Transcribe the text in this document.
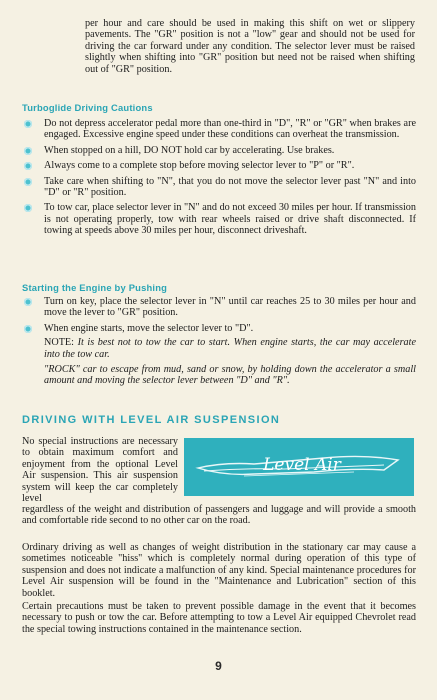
per hour and care should be used in making this shift on wet or slippery pavements. The "GR" position is not a "low" gear and should not be used for driving the car forward under any condition. The selector lever must be raised slightly when shifting into "GR" position but need not be raised when shifting out of "GR" position.

Turboglide Driving Cautions
Do not depress accelerator pedal more than one-third in "D", "R" or "GR" when brakes are engaged. Excessive engine speed under these conditions can overheat the transmission.
When stopped on a hill, DO NOT hold car by accelerating. Use brakes.
Always come to a complete stop before moving selector lever to "P" or "R".
Take care when shifting to "N", that you do not move the selector lever past "N" and into "D" or "R" position.
To tow car, place selector lever in "N" and do not exceed 30 miles per hour. If transmission is not operating properly, tow with rear wheels raised or drive shaft disconnected. If towing at speeds above 30 miles per hour, disconnect driveshaft.
Starting the Engine by Pushing
Turn on key, place the selector lever in "N" until car reaches 25 to 30 miles per hour and move the lever to "GR" position.
When engine starts, move the selector lever to "D".

NOTE: It is best not to tow the car to start. When engine starts, the car may accelerate into the tow car.

"ROCK" car to escape from mud, sand or snow, by holding down the accelerator a small amount and moving the selector lever between "D" and "R".

DRIVING WITH LEVEL AIR SUSPENSION

No special instructions are necessary to obtain maximum comfort and enjoyment from the optional Level Air suspension. This air suspension system will keep the car completely level

Level Air

regardless of the weight and distribution of passengers and luggage and will provide a smooth and comfortable ride second to no other car on the road.

Ordinary driving as well as changes of weight distribution in the stationary car may cause a sometimes noticeable "hiss" which is completely normal during operation of this type of suspension and does not indicate a malfunction of any kind. Special maintenance procedures for Level Air suspension will be found in the "Maintenance and Lubrication" section of this booklet.

Certain precautions must be taken to prevent possible damage in the event that it becomes necessary to push or tow the car. Before attempting to tow a Level Air equipped Chevrolet read the special towing instructions contained in the maintenance section.

9
